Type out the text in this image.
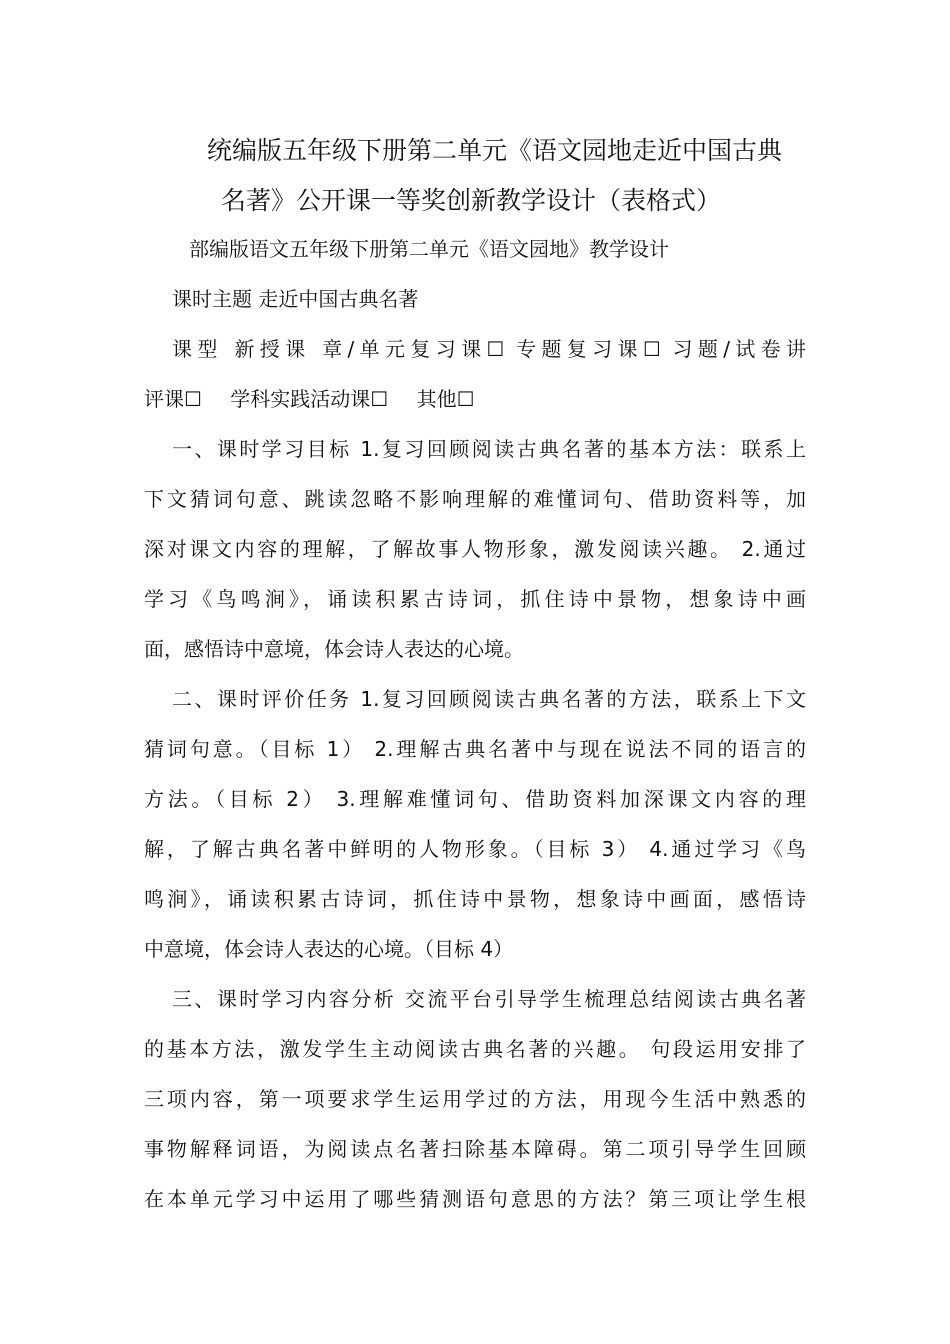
统编版五年级下册第二单元《语文园地走近中国古典
名著》公开课一等奖创新教学设计（表格式）
部编版语文五年级下册第二单元《语文园地》教学设计
课时主题 走近中国古典名著
课型 新授课 章/单元复习课☐ 专题复习课☐ 习题/试卷讲
评课☐ 学科实践活动课☐ 其他☐
一、课时学习目标 1.复习回顾阅读古典名著的基本方法：联系上
下文猜词句意、跳读忽略不影响理解的难懂词句、借助资料等，加
深对课文内容的理解，了解故事人物形象，激发阅读兴趣。 2.通过
学习《鸟鸣涧》，诵读积累古诗词，抓住诗中景物，想象诗中画
面，感悟诗中意境，体会诗人表达的心境。
二、课时评价任务 1.复习回顾阅读古典名著的方法，联系上下文
猜词句意。（目标 1） 2.理解古典名著中与现在说法不同的语言的
方法。（目标 2） 3.理解难懂词句、借助资料加深课文内容的理
解，了解古典名著中鲜明的人物形象。（目标 3） 4.通过学习《鸟
鸣涧》，诵读积累古诗词，抓住诗中景物，想象诗中画面，感悟诗
中意境，体会诗人表达的心境。（目标 4）
三、课时学习内容分析 交流平台引导学生梳理总结阅读古典名著
的基本方法，激发学生主动阅读古典名著的兴趣。 句段运用安排了
三项内容，第一项要求学生运用学过的方法，用现今生活中熟悉的
事物解释词语，为阅读点名著扫除基本障碍。第二项引导学生回顾
在本单元学习中运用了哪些猜测语句意思的方法？第三项让学生根
